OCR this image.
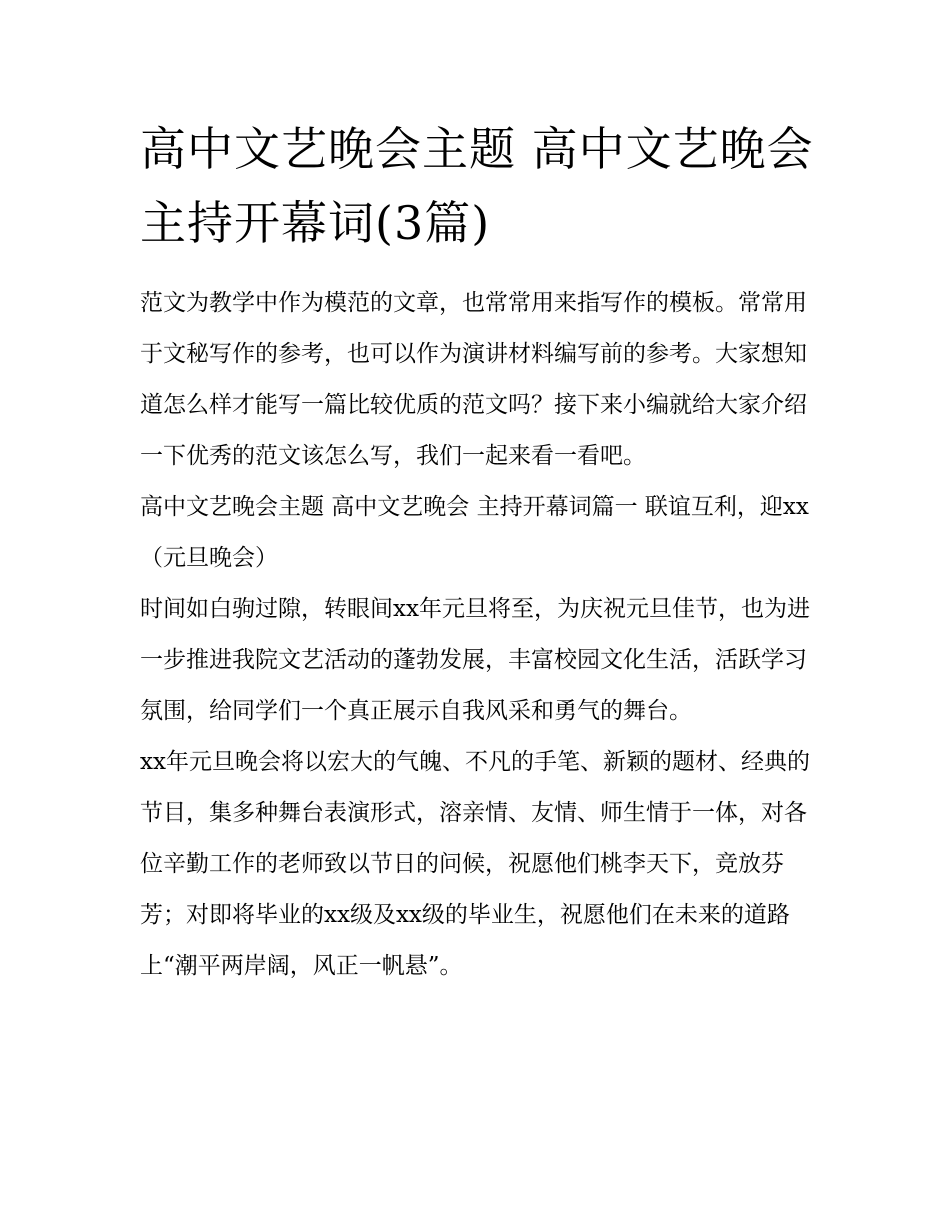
高中文艺晚会主题 高中文艺晚会 主持开幕词(3篇)

范文为教学中作为模范的文章，也常常用来指写作的模板。常常用于文秘写作的参考，也可以作为演讲材料编写前的参考。大家想知道怎么样才能写一篇比较优质的范文吗？接下来小编就给大家介绍一下优秀的范文该怎么写，我们一起来看一看吧。

高中文艺晚会主题 高中文艺晚会 主持开幕词篇一 联谊互利，迎xx（元旦晚会）

时间如白驹过隙，转眼间xx年元旦将至，为庆祝元旦佳节，也为进一步推进我院文艺活动的蓬勃发展，丰富校园文化生活，活跃学习氛围，给同学们一个真正展示自我风采和勇气的舞台。

xx年元旦晚会将以宏大的气魄、不凡的手笔、新颖的题材、经典的节目，集多种舞台表演形式，溶亲情、友情、师生情于一体，对各位辛勤工作的老师致以节日的问候，祝愿他们桃李天下，竞放芬芳；对即将毕业的xx级及xx级的毕业生，祝愿他们在未来的道路上“潮平两岸阔，风正一帆悬”。
